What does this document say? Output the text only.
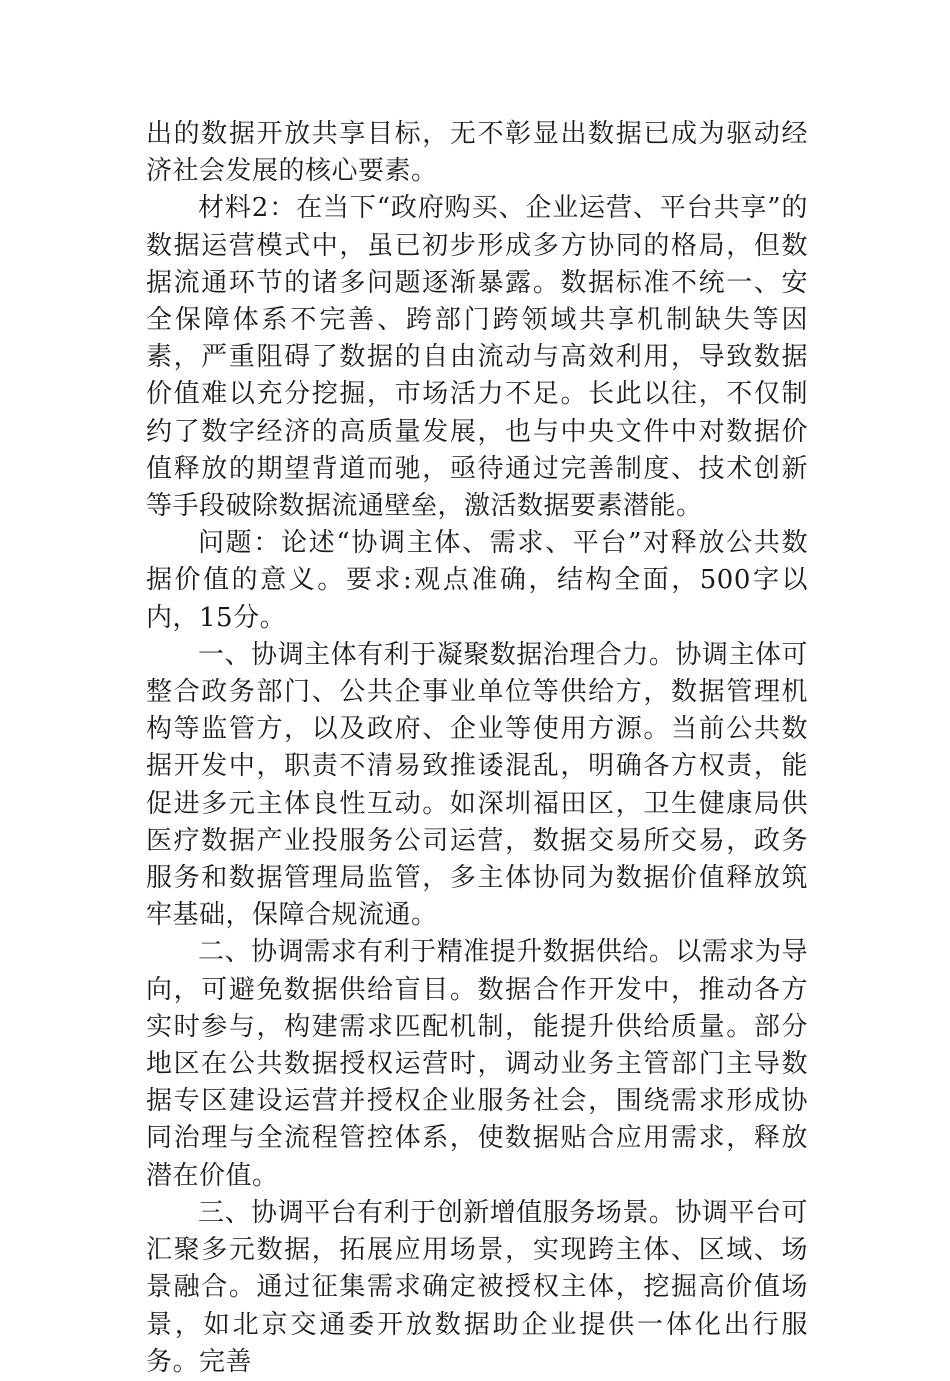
出的数据开放共享目标，无不彰显出数据已成为驱动经济社会发展的核心要素。

材料2：在当下“政府购买、企业运营、平台共享”的数据运营模式中，虽已初步形成多方协同的格局，但数据流通环节的诸多问题逐渐暴露。数据标准不统一、安全保障体系不完善、跨部门跨领域共享机制缺失等因素，严重阻碍了数据的自由流动与高效利用，导致数据价值难以充分挖掘，市场活力不足。长此以往，不仅制约了数字经济的高质量发展，也与中央文件中对数据价值释放的期望背道而驰，亟待通过完善制度、技术创新等手段破除数据流通壁垒，激活数据要素潜能。

问题：论述“协调主体、需求、平台”对释放公共数据价值的意义。要求:观点准确，结构全面，500字以内，15分。

一、协调主体有利于凝聚数据治理合力。协调主体可整合政务部门、公共企事业单位等供给方，数据管理机构等监管方，以及政府、企业等使用方源。当前公共数据开发中，职责不清易致推诿混乱，明确各方权责，能促进多元主体良性互动。如深圳福田区，卫生健康局供医疗数据产业投服务公司运营，数据交易所交易，政务服务和数据管理局监管，多主体协同为数据价值释放筑牢基础，保障合规流通。

二、协调需求有利于精准提升数据供给。以需求为导向，可避免数据供给盲目。数据合作开发中，推动各方实时参与，构建需求匹配机制，能提升供给质量。部分地区在公共数据授权运营时，调动业务主管部门主导数据专区建设运营并授权企业服务社会，围绕需求形成协同治理与全流程管控体系，使数据贴合应用需求，释放潜在价值。

三、协调平台有利于创新增值服务场景。协调平台可汇聚多元数据，拓展应用场景，实现跨主体、区域、场景融合。通过征集需求确定被授权主体，挖掘高价值场景，如北京交通委开放数据助企业提供一体化出行服务。完善
